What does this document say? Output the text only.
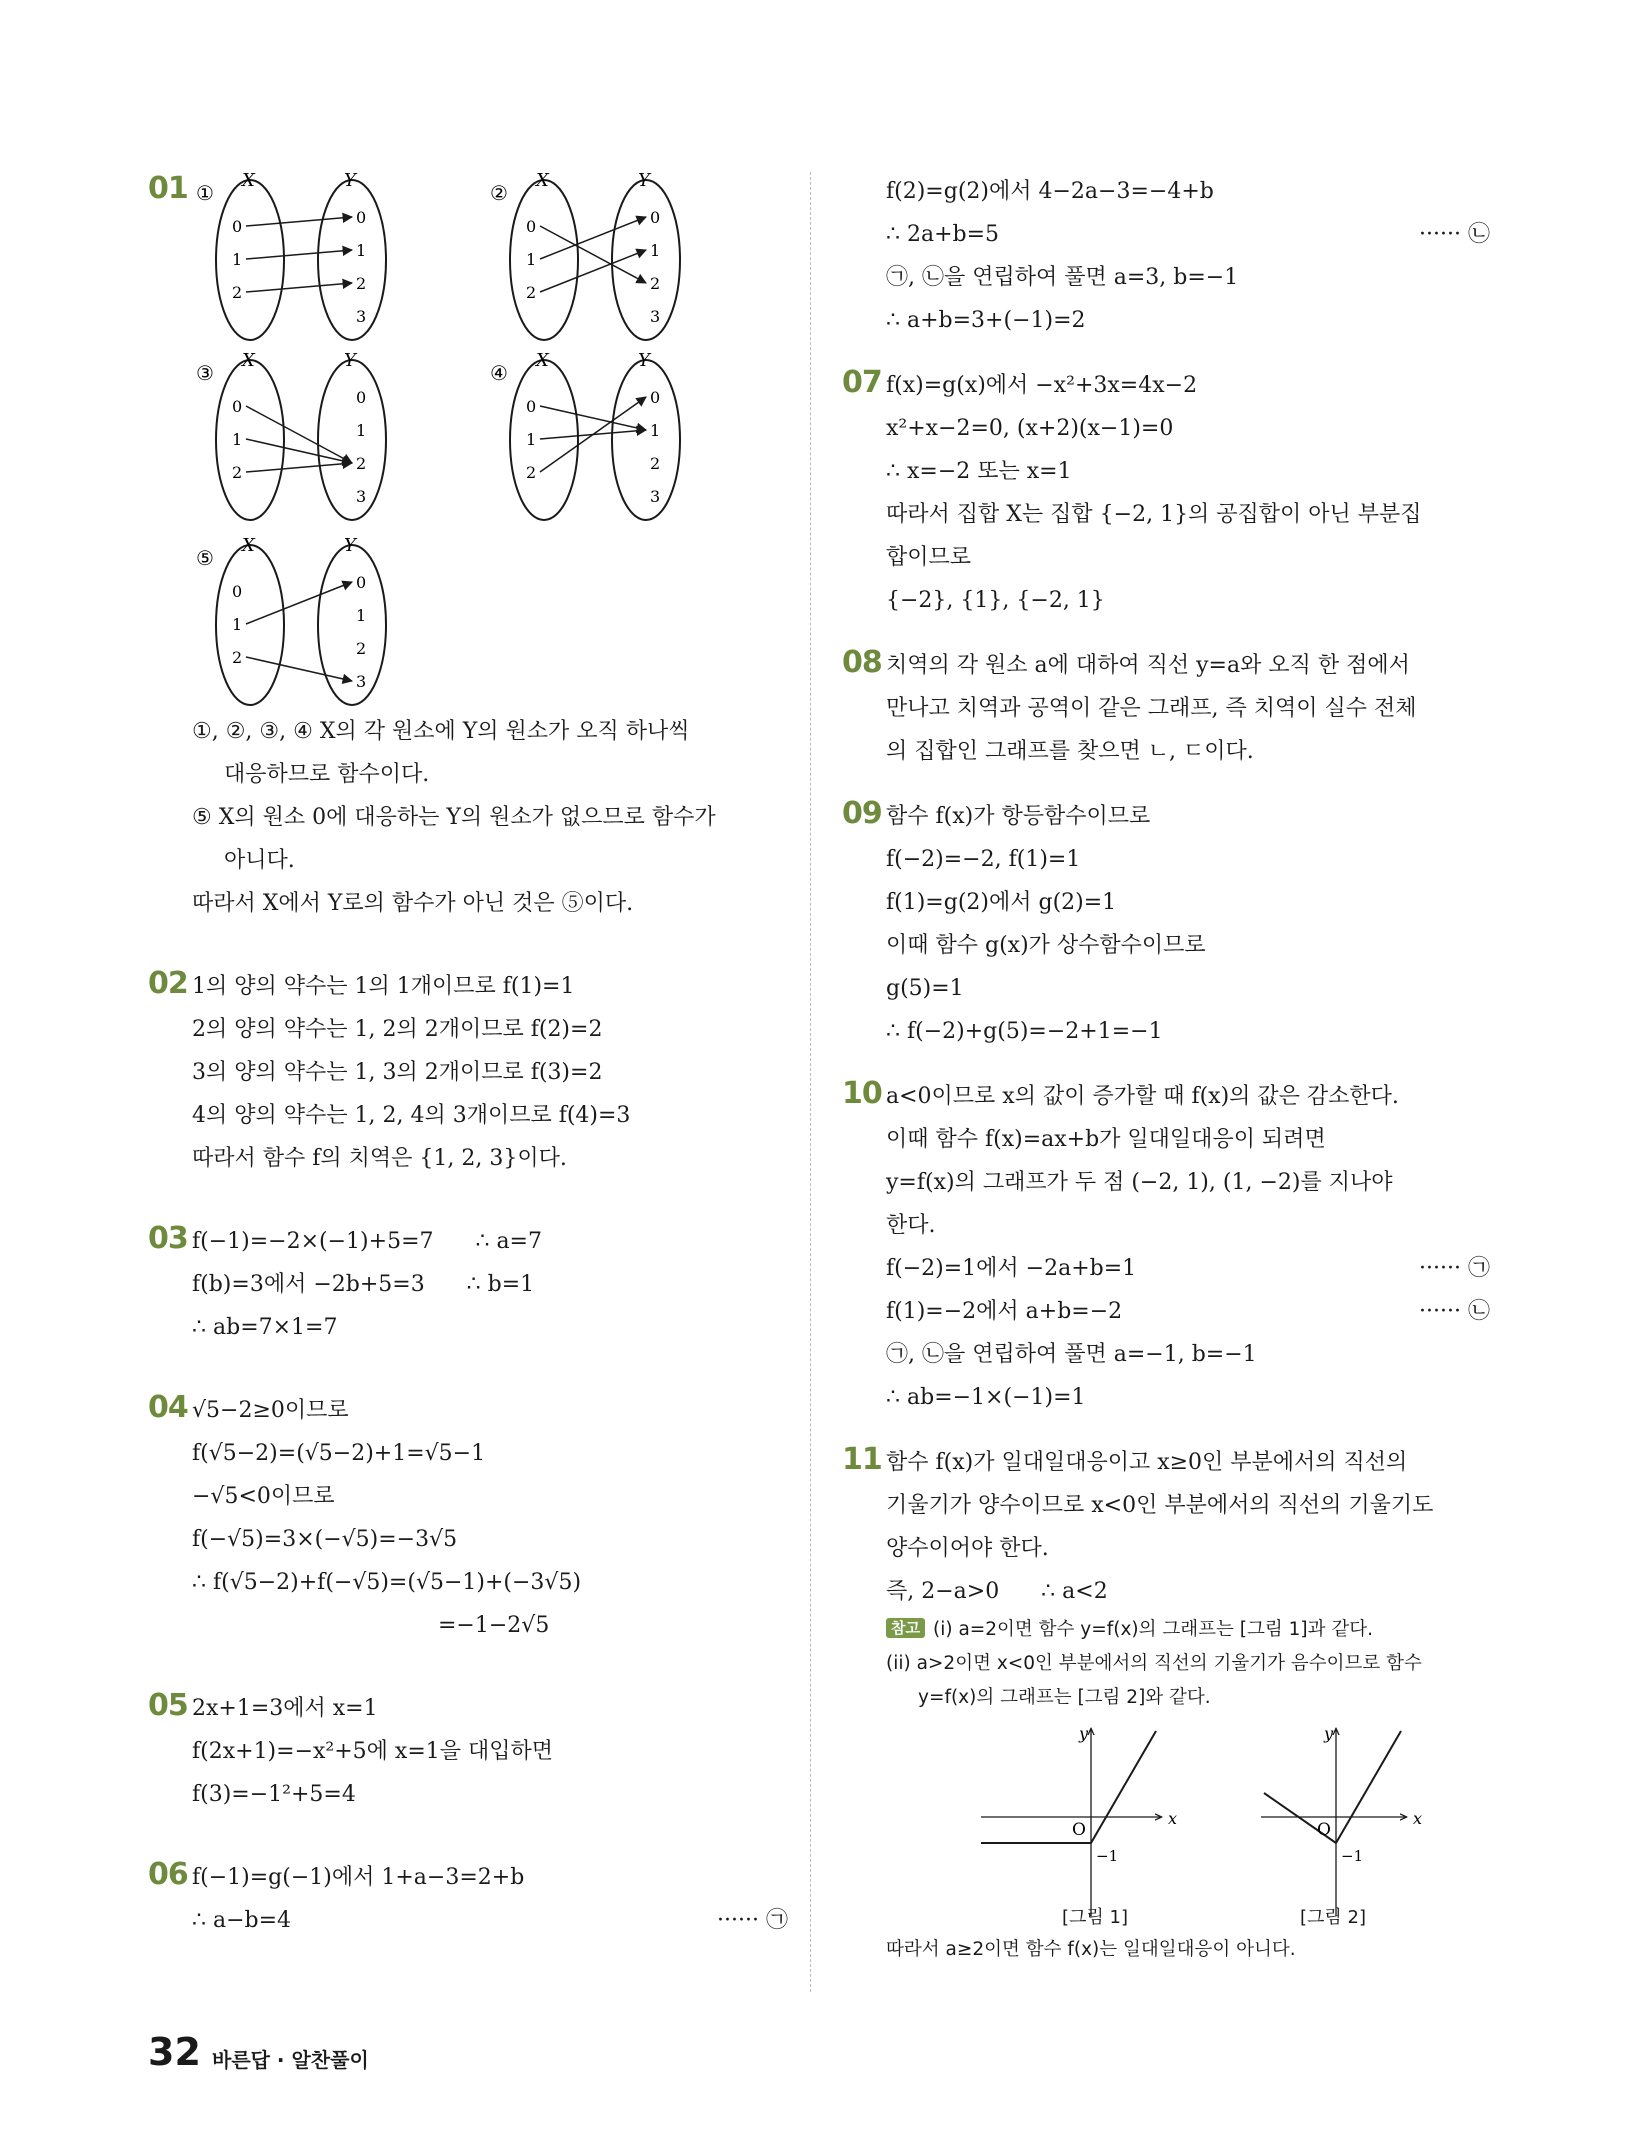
01 ①
X	Y
0
1
2
0
1
2
3
②
X	Y
0
1
2
0
1
2
3
③
X	Y
0
1
2
0
1
2
3
④
X	Y
0
1
2
0
1
2
3
⑤
X	Y
0
1
2
0
1
2
3
①, ②, ③, ④ X의 각 원소에 Y의 원소가 오직 하나씩
대응하므로 함수이다.
⑤ X의 원소 0에 대응하는 Y의 원소가 없으므로 함수가
아니다.
따라서 X에서 Y로의 함수가 아닌 것은 ⑤이다.
02 1의 양의 약수는 1의 1개이므로 f(1)=1
2의 양의 약수는 1, 2의 2개이므로 f(2)=2
3의 양의 약수는 1, 3의 2개이므로 f(3)=2
4의 양의 약수는 1, 2, 4의 3개이므로 f(4)=3
따라서 함수 f의 치역은 {1, 2, 3}이다.
03 f(−1)=−2×(−1)+5=7      ∴ a=7
f(b)=3에서 −2b+5=3      ∴ b=1
∴ ab=7×1=7
04 √5−2≥0이므로
f(√5−2)=(√5−2)+1=√5−1
−√5<0이므로
f(−√5)=3×(−√5)=−3√5
∴ f(√5−2)+f(−√5)=(√5−1)+(−3√5)
=−1−2√5
05 2x+1=3에서 x=1
f(2x+1)=−x²+5에 x=1을 대입하면
f(3)=−1²+5=4
06 f(−1)=g(−1)에서 1+a−3=2+b
∴ a−b=4	······ ㉠
f(2)=g(2)에서 4−2a−3=−4+b
∴ 2a+b=5	······ ㉡
㉠, ㉡을 연립하여 풀면 a=3, b=−1
∴ a+b=3+(−1)=2
07 f(x)=g(x)에서 −x²+3x=4x−2
x²+x−2=0, (x+2)(x−1)=0
∴ x=−2 또는 x=1
따라서 집합 X는 집합 {−2, 1}의 공집합이 아닌 부분집
합이므로
{−2}, {1}, {−2, 1}
08 치역의 각 원소 a에 대하여 직선 y=a와 오직 한 점에서
만나고 치역과 공역이 같은 그래프, 즉 치역이 실수 전체
의 집합인 그래프를 찾으면 ㄴ, ㄷ이다.
09 함수 f(x)가 항등함수이므로
f(−2)=−2, f(1)=1
f(1)=g(2)에서 g(2)=1
이때 함수 g(x)가 상수함수이므로
g(5)=1
∴ f(−2)+g(5)=−2+1=−1
10 a<0이므로 x의 값이 증가할 때 f(x)의 값은 감소한다.
이때 함수 f(x)=ax+b가 일대일대응이 되려면
y=f(x)의 그래프가 두 점 (−2, 1), (1, −2)를 지나야
한다.
f(−2)=1에서 −2a+b=1	······ ㉠
f(1)=−2에서 a+b=−2	······ ㉡
㉠, ㉡을 연립하여 풀면 a=−1, b=−1
∴ ab=−1×(−1)=1
11 함수 f(x)가 일대일대응이고 x≥0인 부분에서의 직선의
기울기가 양수이므로 x<0인 부분에서의 직선의 기울기도
양수이어야 한다.
즉, 2−a>0      ∴ a<2
참고 (i) a=2이면 함수 y=f(x)의 그래프는 [그림 1]과 같다.
(ii) a>2이면 x<0인 부분에서의 직선의 기울기가 음수이므로 함수
y=f(x)의 그래프는 [그림 2]와 같다.
y
x
O
−1
y
x
O
−1
[그림 1]	[그림 2]
따라서 a≥2이면 함수 f(x)는 일대일대응이 아니다.
32 바른답 · 알찬풀이
